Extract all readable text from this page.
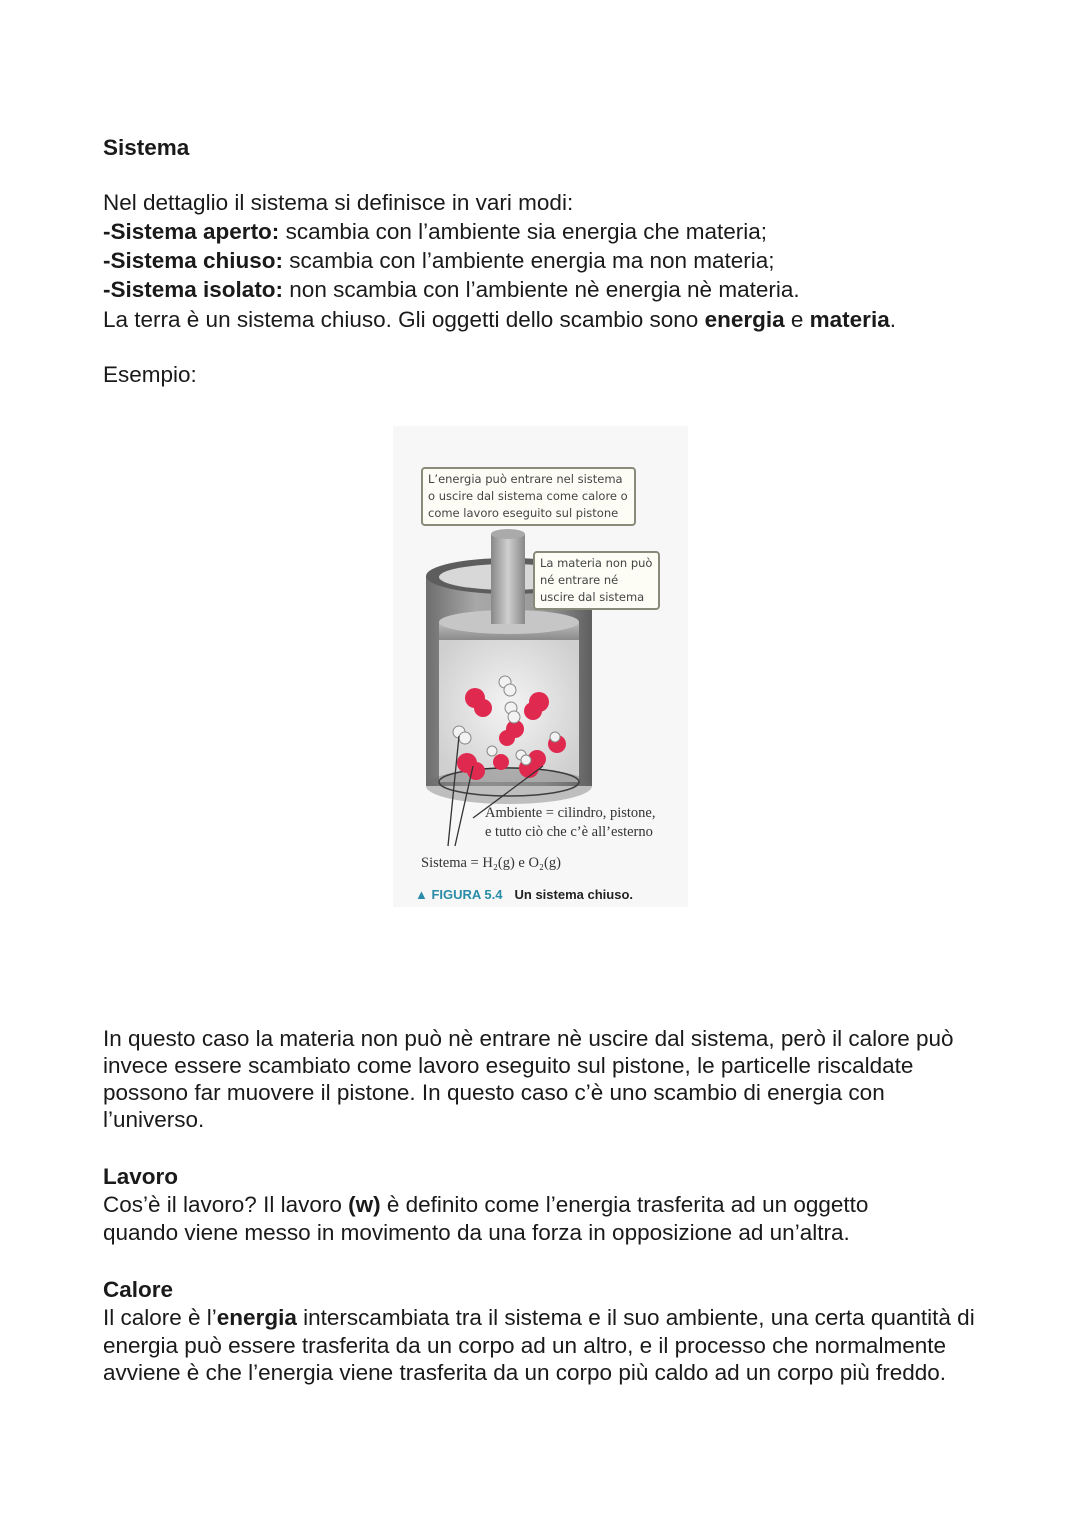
Sistema

Nel dettaglio il sistema si definisce in vari modi:

-Sistema aperto: scambia con l’ambiente sia energia che materia;

-Sistema chiuso: scambia con l’ambiente energia ma non materia;

-Sistema isolato: non scambia con l’ambiente nè energia nè materia.

La terra è un sistema chiuso. Gli oggetti dello scambio sono energia e materia.

Esempio:

L’energia può entrare nel sistema o uscire dal sistema come calore o come lavoro eseguito sul pistone
La materia non può né entrare né uscire dal sistema
Ambiente = cilindro, pistone,
e tutto ciò che c’è all’esterno
Sistema = H₂(g) e O₂(g)
▲ FIGURA 5.4 Un sistema chiuso.

In questo caso la materia non può nè entrare nè uscire dal sistema, però il calore può invece essere scambiato come lavoro eseguito sul pistone, le particelle riscaldate possono far muovere il pistone. In questo caso c’è uno scambio di energia con l’universo.

Lavoro

Cos’è il lavoro? Il lavoro (w) è definito come l’energia trasferita ad un oggetto quando viene messo in movimento da una forza in opposizione ad un’altra.

Calore

Il calore è l’energia interscambiata tra il sistema e il suo ambiente, una certa quantità di energia può essere trasferita da un corpo ad un altro, e il processo che normalmente avviene è che l’energia viene trasferita da un corpo più caldo ad un corpo più freddo.
